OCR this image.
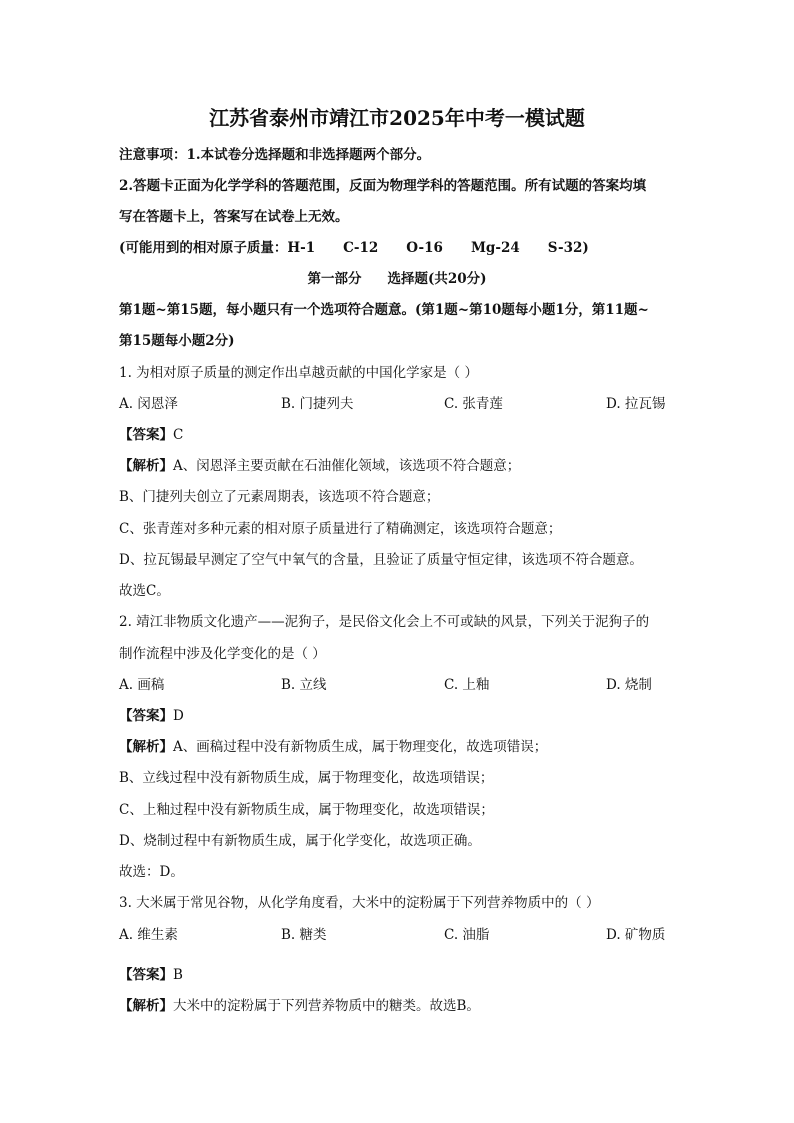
江苏省泰州市靖江市2025年中考一模试题
注意事项：1.本试卷分选择题和非选择题两个部分。
2.答题卡正面为化学学科的答题范围，反面为物理学科的答题范围。所有试题的答案均填
写在答题卡上，答案写在试卷上无效。
(可能用到的相对原子质量：H-1 C-12 O-16 Mg-24 S-32)
第一部分 选择题(共20分)
第1题~第15题，每小题只有一个选项符合题意。(第1题~第10题每小题1分，第11题~
第15题每小题2分)
1. 为相对原子质量的测定作出卓越贡献的中国化学家是（ ）
A. 闵恩泽	B. 门捷列夫	C. 张青莲	D. 拉瓦锡
【答案】C
【解析】A、闵恩泽主要贡献在石油催化领域，该选项不符合题意；
B、门捷列夫创立了元素周期表，该选项不符合题意；
C、张青莲对多种元素的相对原子质量进行了精确测定，该选项符合题意；
D、拉瓦锡最早测定了空气中氧气的含量，且验证了质量守恒定律，该选项不符合题意。
故选C。
2. 靖江非物质文化遗产——泥狗子，是民俗文化会上不可或缺的风景，下列关于泥狗子的
制作流程中涉及化学变化的是（ ）
A. 画稿	B. 立线	C. 上釉	D. 烧制
【答案】D
【解析】A、画稿过程中没有新物质生成，属于物理变化，故选项错误；
B、立线过程中没有新物质生成，属于物理变化，故选项错误；
C、上釉过程中没有新物质生成，属于物理变化，故选项错误；
D、烧制过程中有新物质生成，属于化学变化，故选项正确。
故选：D。
3. 大米属于常见谷物，从化学角度看，大米中的淀粉属于下列营养物质中的（ ）
A. 维生素	B. 糖类	C. 油脂	D. 矿物质
【答案】B
【解析】大米中的淀粉属于下列营养物质中的糖类。故选B。
